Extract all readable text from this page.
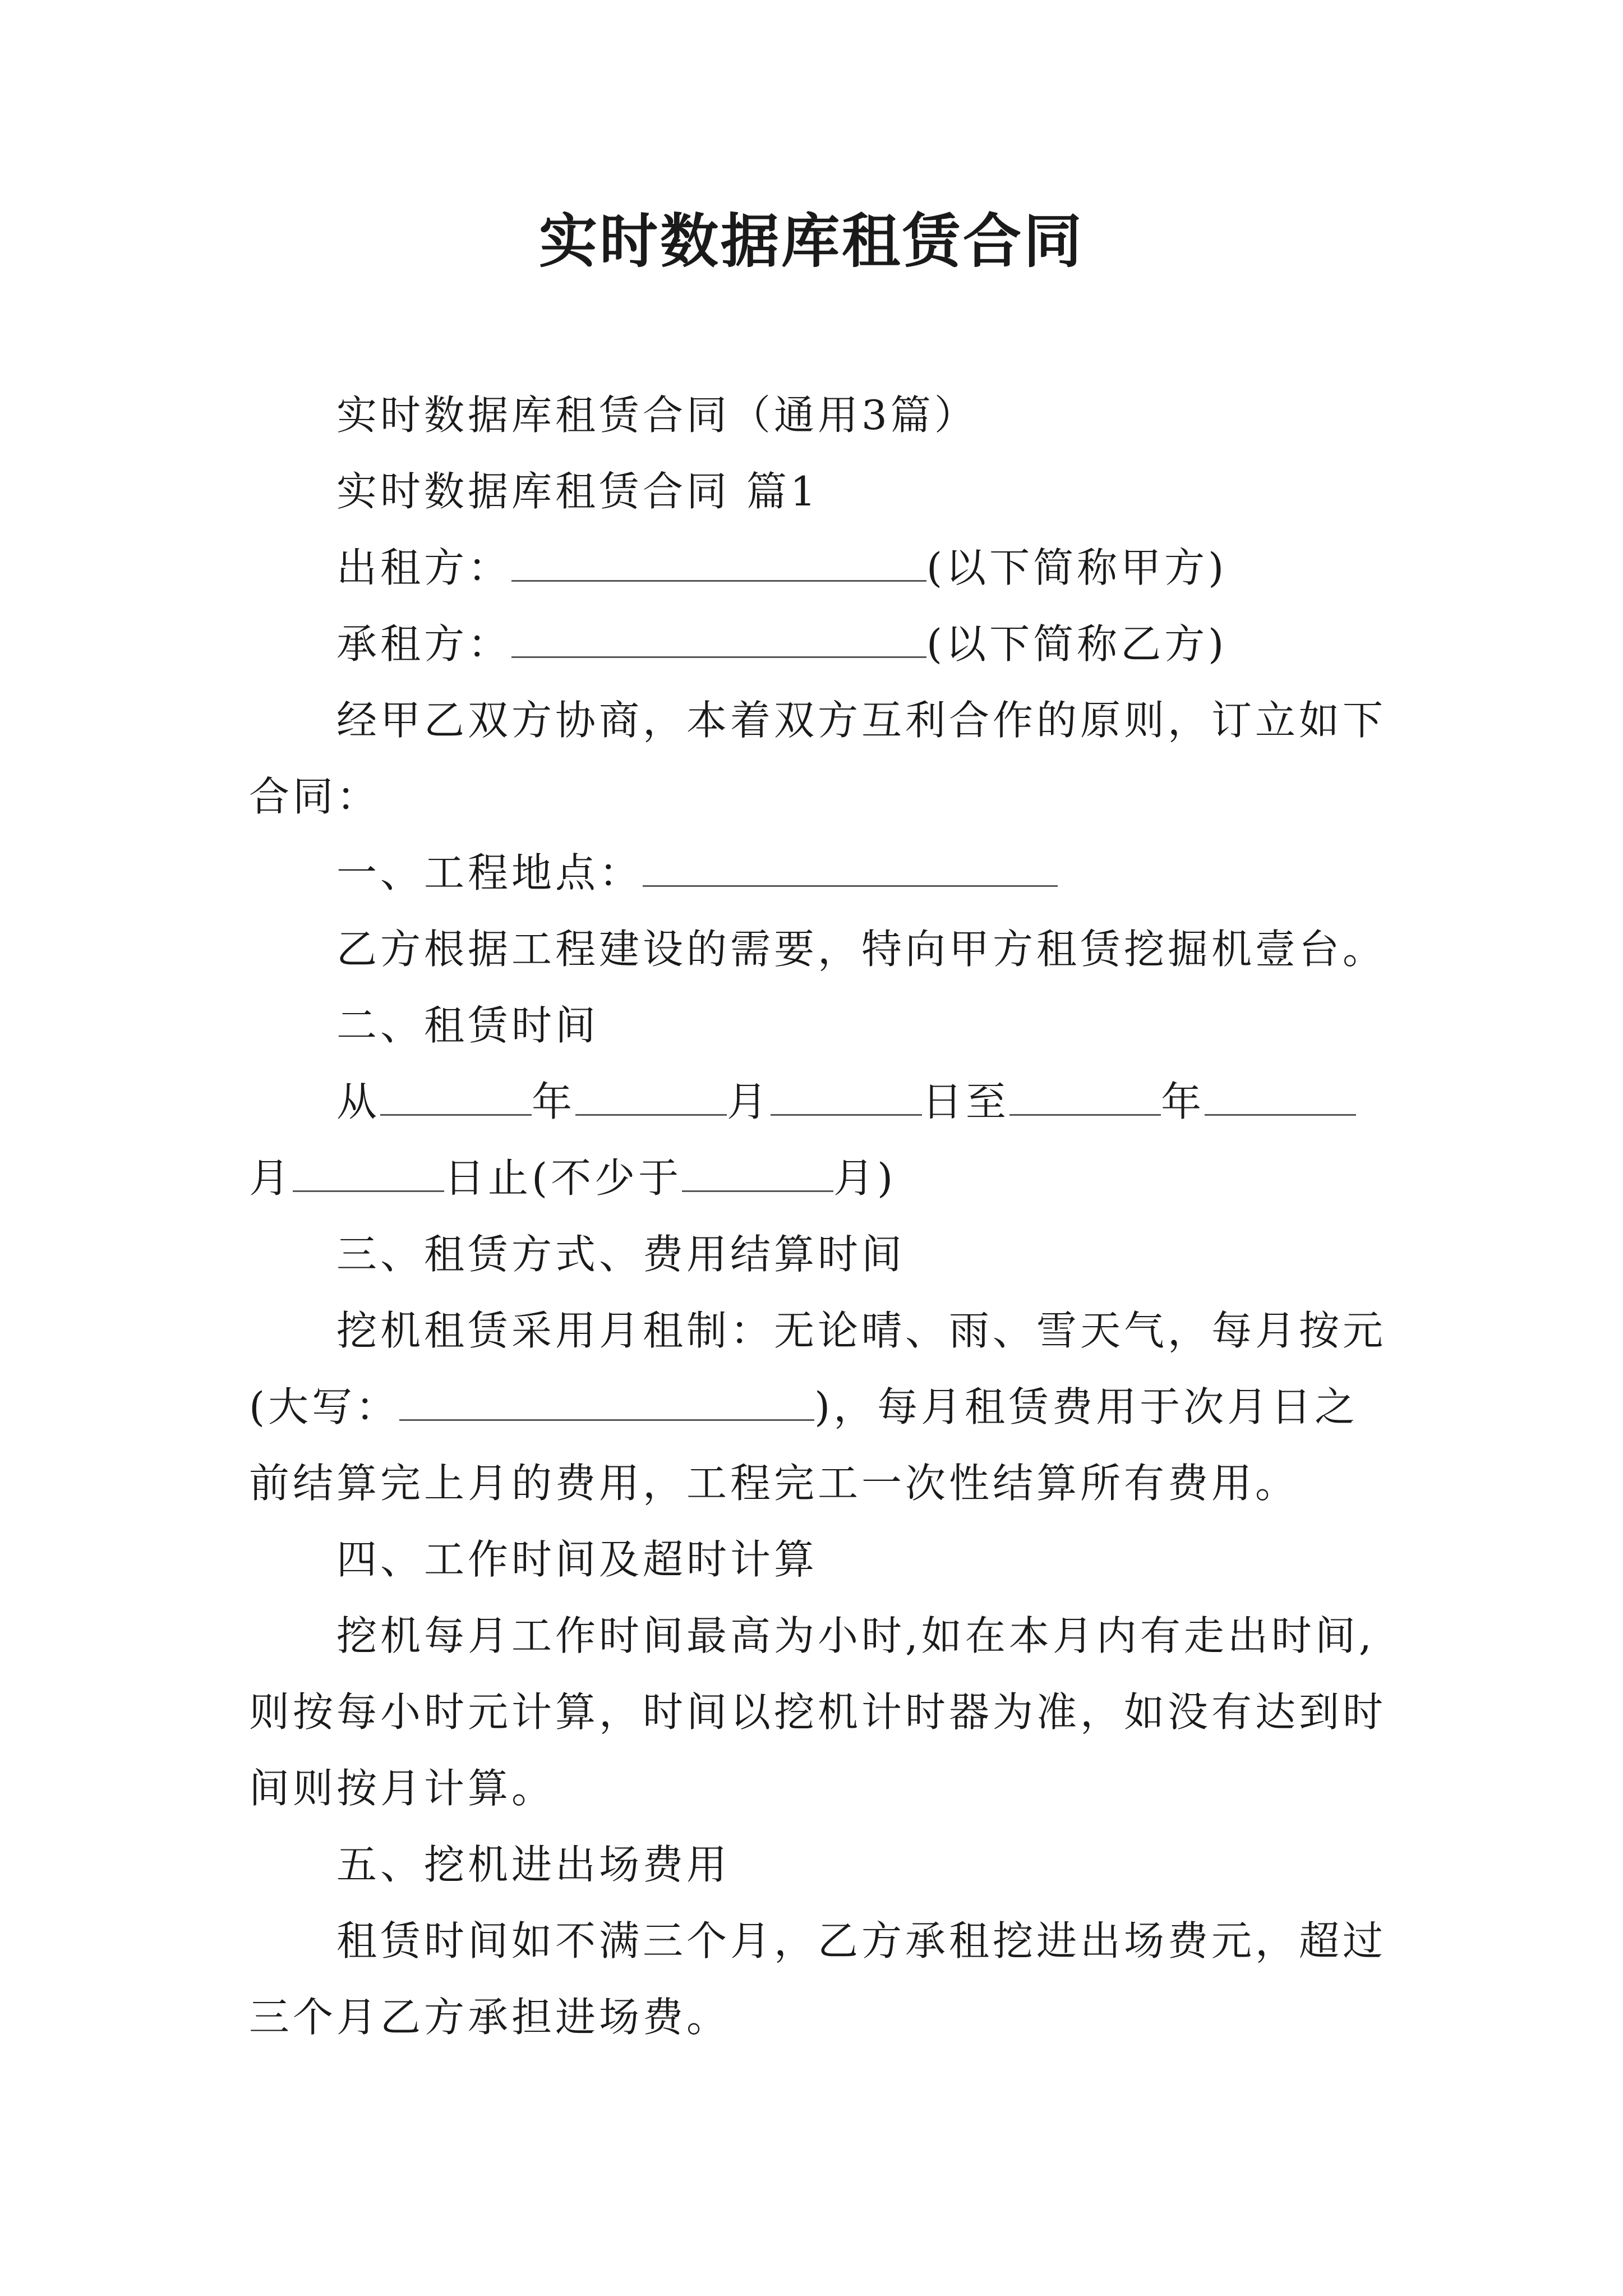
实时数据库租赁合同
实时数据库租赁合同（通用3篇）
实时数据库租赁合同 篇1
出租方：	(以下简称甲方)
承租方：	(以下简称乙方)
经甲乙双方协商，本着双方互利合作的原则，订立如下
合同：
一、工程地点：
乙方根据工程建设的需要，特向甲方租赁挖掘机壹台。
二、租赁时间
从	年	月	日至	年
月	日止(不少于	月)
三、租赁方式、费用结算时间
挖机租赁采用月租制：无论晴、雨、雪天气，每月按元
(大写：	)，每月租赁费用于次月日之
前结算完上月的费用，工程完工一次性结算所有费用。
四、工作时间及超时计算
挖机每月工作时间最高为小时,如在本月内有走出时间,
则按每小时元计算，时间以挖机计时器为准，如没有达到时
间则按月计算。
五、挖机进出场费用
租赁时间如不满三个月，乙方承租挖进出场费元，超过
三个月乙方承担进场费。
